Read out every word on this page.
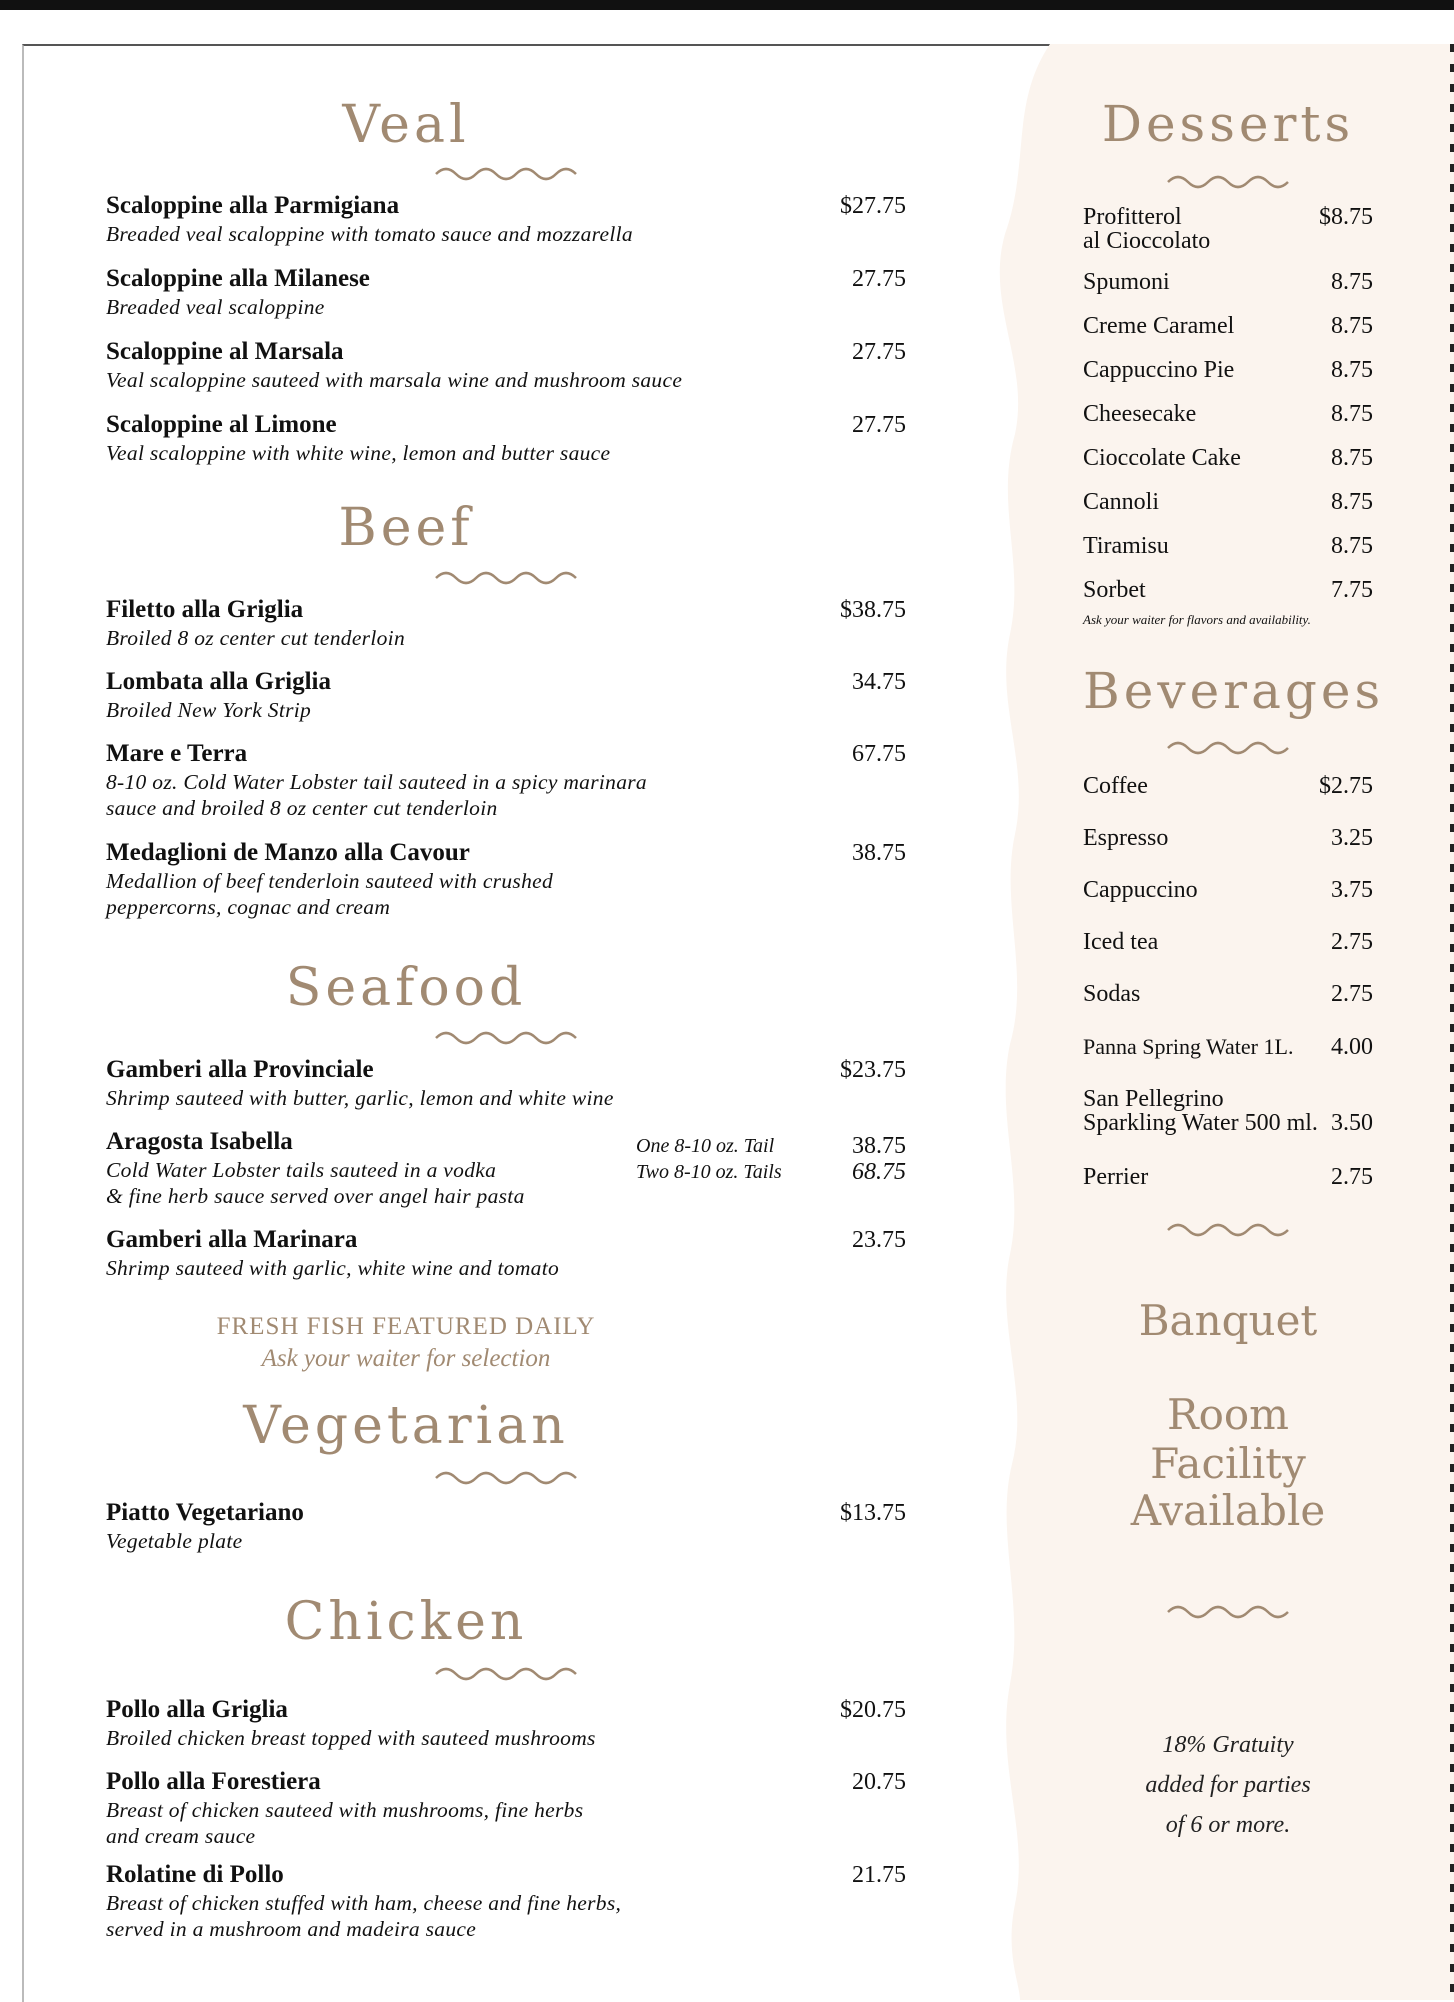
Veal
Scaloppine alla Parmigiana
Breaded veal scaloppine with tomato sauce and mozzarella
$27.75
Scaloppine alla Milanese
Breaded veal scaloppine
27.75
Scaloppine al Marsala
Veal scaloppine sauteed with marsala wine and mushroom sauce
27.75
Scaloppine al Limone
Veal scaloppine with white wine, lemon and butter sauce
27.75
Beef
Filetto alla Griglia
Broiled 8 oz center cut tenderloin
$38.75
Lombata alla Griglia
Broiled New York Strip
34.75
Mare e Terra
8-10 oz. Cold Water Lobster tail sauteed in a spicy marinara
sauce and broiled 8 oz center cut tenderloin
67.75
Medaglioni de Manzo alla Cavour
Medallion of beef tenderloin sauteed with crushed
peppercorns, cognac and cream
38.75
Seafood
Gamberi alla Provinciale
Shrimp sauteed with butter, garlic, lemon and white wine
$23.75
Aragosta Isabella
Cold Water Lobster tails sauteed in a vodka
& fine herb sauce served over angel hair pasta
One 8-10 oz. Tail	38.75
Two 8-10 oz. Tails	68.75
Gamberi alla Marinara
Shrimp sauteed with garlic, white wine and tomato
23.75
FRESH FISH FEATURED DAILY
Ask your waiter for selection
Vegetarian
Piatto Vegetariano
Vegetable plate
$13.75
Chicken
Pollo alla Griglia
Broiled chicken breast topped with sauteed mushrooms
$20.75
Pollo alla Forestiera
Breast of chicken sauteed with mushrooms, fine herbs
and cream sauce
20.75
Rolatine di Pollo
Breast of chicken stuffed with ham, cheese and fine herbs,
served in a mushroom and madeira sauce
21.75
Desserts
Profitterol
al Cioccolato
$8.75
Spumoni	8.75
Creme Caramel	8.75
Cappuccino Pie	8.75
Cheesecake	8.75
Cioccolate Cake	8.75
Cannoli	8.75
Tiramisu	8.75
Sorbet	7.75
Ask your waiter for flavors and availability.
Beverages
Coffee	$2.75
Espresso	3.25
Cappuccino	3.75
Iced tea	2.75
Sodas	2.75
Panna Spring Water 1L.	4.00
San Pellegrino
Sparkling Water 500 ml. 3.50
Perrier	2.75
Banquet
Room Facility
Available
18% Gratuity
added for parties
of 6 or more.
